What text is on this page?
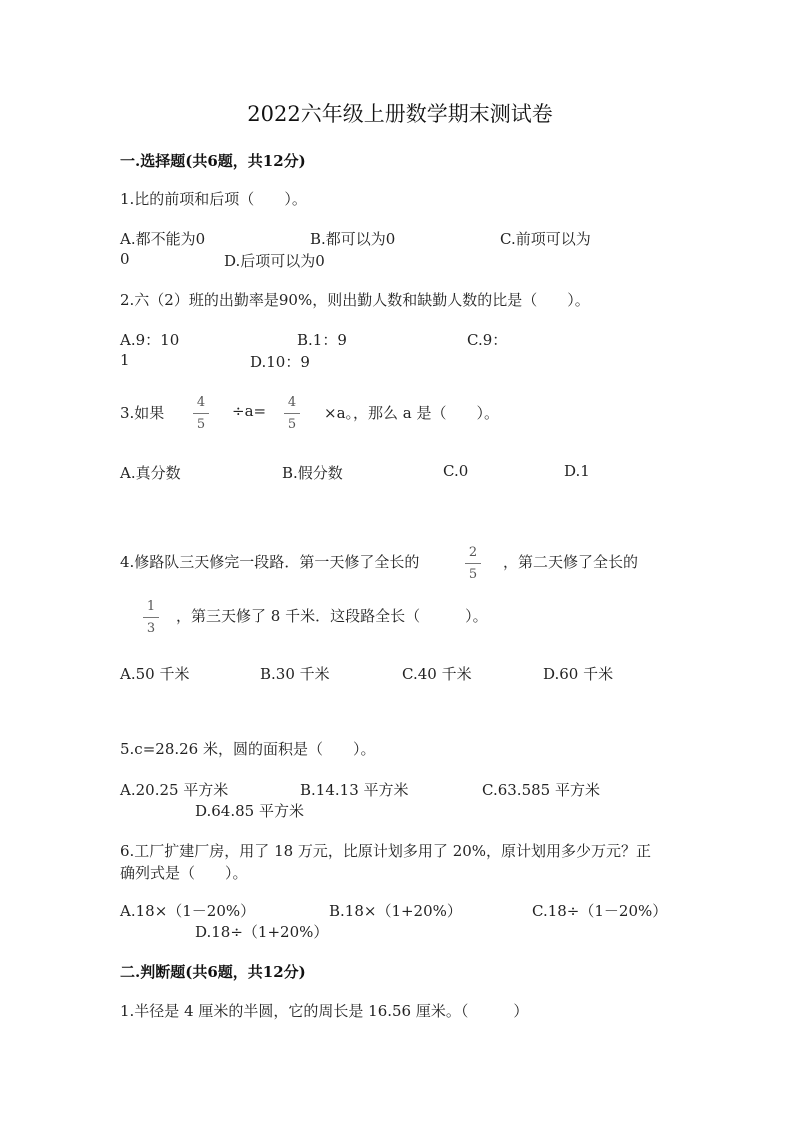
2022六年级上册数学期末测试卷
一.选择题(共6题，共12分)
1.比的前项和后项（　　）。
A.都不能为0	B.都可以为0	C.前项可以为
0	D.后项可以为0
2.六（2）班的出勤率是90%，则出勤人数和缺勤人数的比是（　　）。
A.9：10	B.1：9	C.9：
1	D.10：9
3.如果
4
5
÷a=	4
5
×a。，那么 a 是（　　）。
A.真分数	B.假分数	C.0	D.1
4.修路队三天修完一段路．第一天修了全长的
2
5
，第二天修了全长的
1
3
，第三天修了 8 千米．这段路全长（　　　）。
A.50 千米	B.30 千米	C.40 千米	D.60 千米
5.c=28.26 米，圆的面积是（　　）。
A.20.25 平方米	B.14.13 平方米	C.63.585 平方米
D.64.85 平方米
6.工厂扩建厂房，用了 18 万元，比原计划多用了 20%，原计划用多少万元？正
确列式是（　　）。
A.18×（1－20%）	B.18×（1+20%）	C.18÷（1－20%）
D.18÷（1+20%）
二.判断题(共6题，共12分)
1.半径是 4 厘米的半圆，它的周长是 16.56 厘米。（　　　）
